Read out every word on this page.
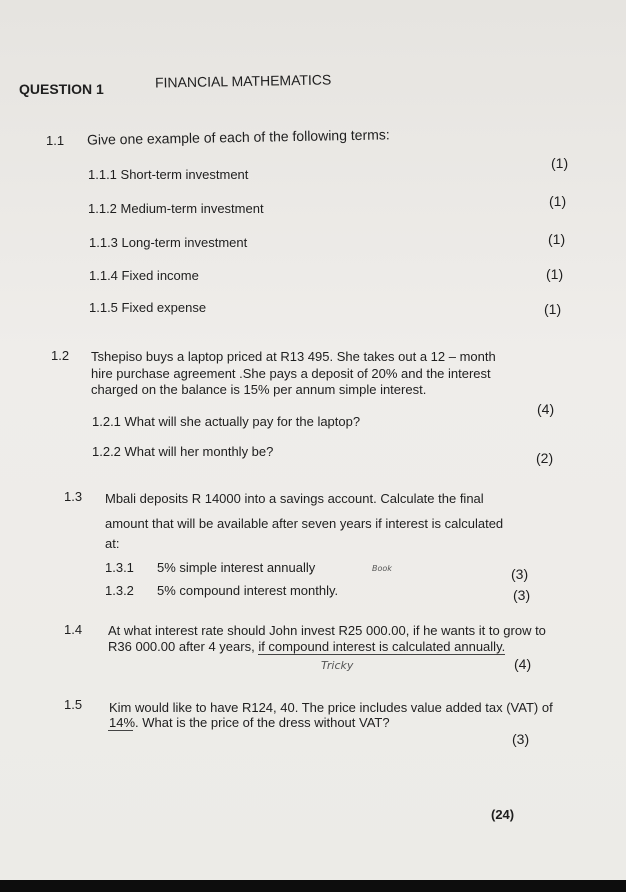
QUESTION 1	FINANCIAL MATHEMATICS
1.1 Give one example of each of the following terms:
1.1.1 Short-term investment
(1)
1.1.2 Medium-term investment	(1)
1.1.3 Long-term investment	(1)
1.1.4 Fixed income	(1)
1.1.5 Fixed expense	(1)
1.2 Tshepiso buys a laptop priced at R13 495. She takes out a 12 – month
hire purchase agreement .She pays a deposit of 20% and the interest
charged on the balance is 15% per annum simple interest.
1.2.1 What will she actually pay for the laptop?
(4)
1.2.2 What will her monthly be?	(2)
1.3 Mbali deposits R 14000 into a savings account. Calculate the final
amount that will be available after seven years if interest is calculated
at:
1.3.1 5% simple interest annually	Book	(3)
1.3.2 5% compound interest monthly.	(3)
1.4 At what interest rate should John invest R25 000.00, if he wants it to grow to
R36 000.00 after 4 years, if compound interest is calculated annually.
Tricky	(4)
1.5 Kim would like to have R124, 40. The price includes value added tax (VAT) of
14%. What is the price of the dress without VAT?
(3)
(24)
